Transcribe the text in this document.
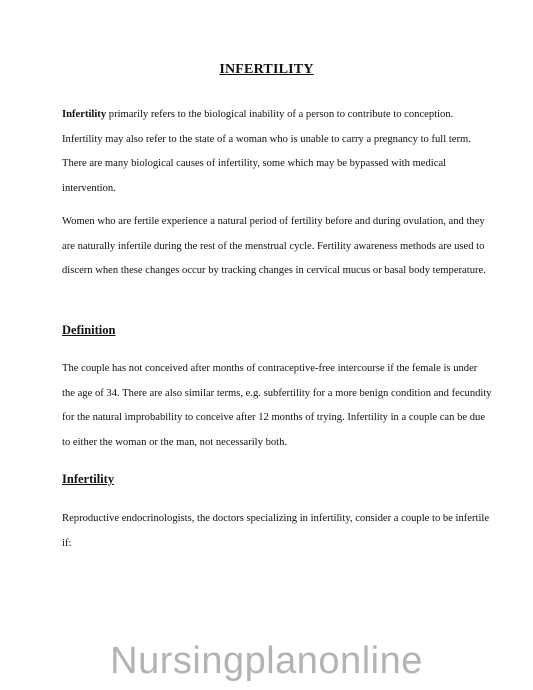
INFERTILITY

Infertility primarily refers to the biological inability of a person to contribute to conception. Infertility may also refer to the state of a woman who is unable to carry a pregnancy to full term. There are many biological causes of infertility, some which may be bypassed with medical intervention.

Women who are fertile experience a natural period of fertility before and during ovulation, and they are naturally infertile during the rest of the menstrual cycle. Fertility awareness methods are used to discern when these changes occur by tracking changes in cervical mucus or basal body temperature.

Definition

The couple has not conceived after months of contraceptive-free intercourse if the female is under the age of 34. There are also similar terms, e.g. subfertility for a more benign condition and fecundity for the natural improbability to conceive after 12 months of trying. Infertility in a couple can be due to either the woman or the man, not necessarily both.

Infertility

Reproductive endocrinologists, the doctors specializing in infertility, consider a couple to be infertile if:

Nursingplanonline
